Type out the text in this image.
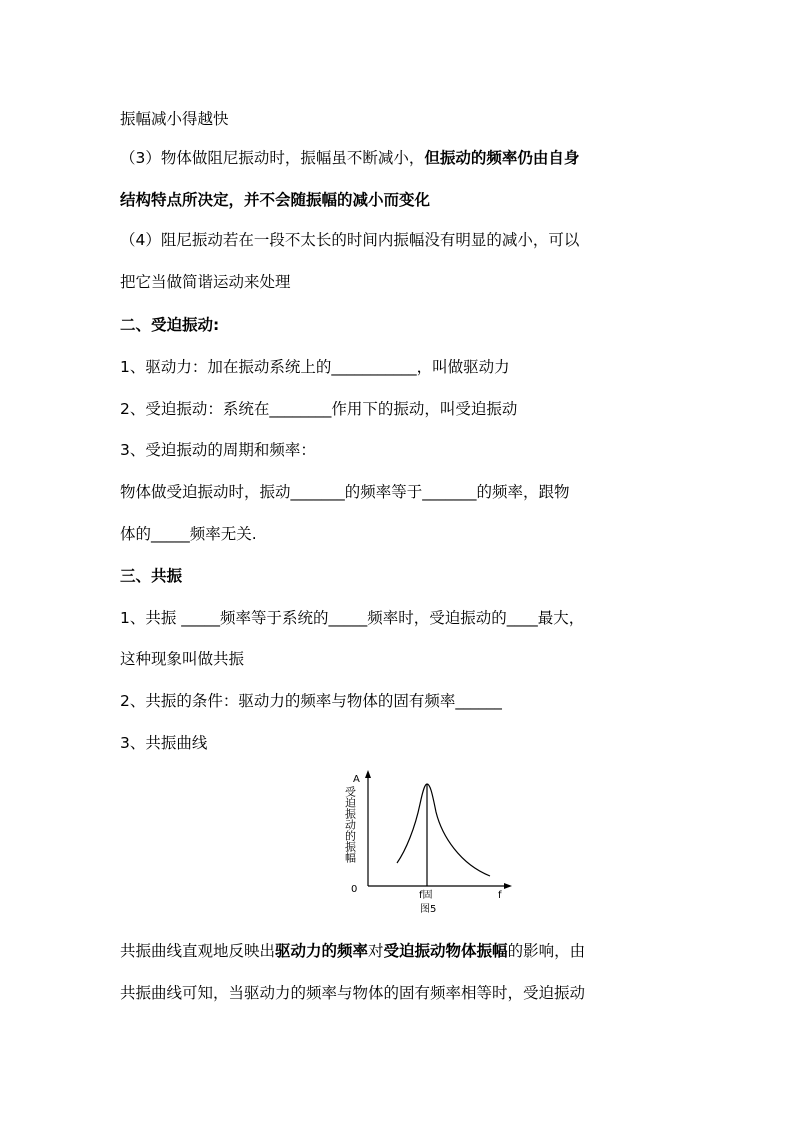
振幅减小得越快
（3）物体做阻尼振动时，振幅虽不断减小，但振动的频率仍由自身
结构特点所决定，并不会随振幅的减小而变化
（4）阻尼振动若在一段不太长的时间内振幅没有明显的减小，可以
把它当做简谐运动来处理
二、受迫振动:
1、驱动力：加在振动系统上的___________，叫做驱动力
2、受迫振动：系统在________作用下的振动，叫受迫振动
3、受迫振动的周期和频率：
物体做受迫振动时，振动_______的频率等于_______的频率，跟物
体的_____频率无关.
三、共振
1、共振 _____频率等于系统的_____频率时，受迫振动的____最大，
这种现象叫做共振
2、共振的条件：驱动力的频率与物体的固有频率______
3、共振曲线
A
受迫振动的振幅
0
f
f固
图5
共振曲线直观地反映出驱动力的频率对受迫振动物体振幅的影响，由
共振曲线可知，当驱动力的频率与物体的固有频率相等时，受迫振动
